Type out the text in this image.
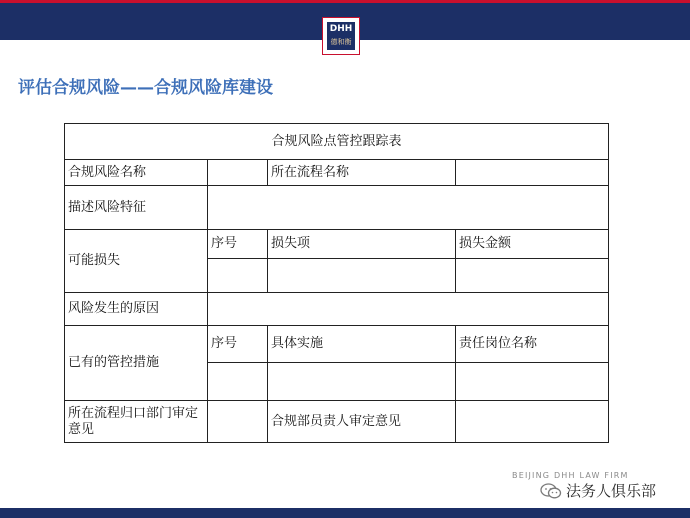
DHH
德和衡
评估合规风险——合规风险库建设
合规风险点管控跟踪表			
合规风险名称		所在流程名称	
描述风险特征			
可能损失	序号	损失项	损失金额

风险发生的原因			
已有的管控措施	序号	具体实施	责任岗位名称

所在流程归口部门审定意见		合规部员责人审定意见	
BEIJING DHH LAW FIRM
法务人俱乐部
